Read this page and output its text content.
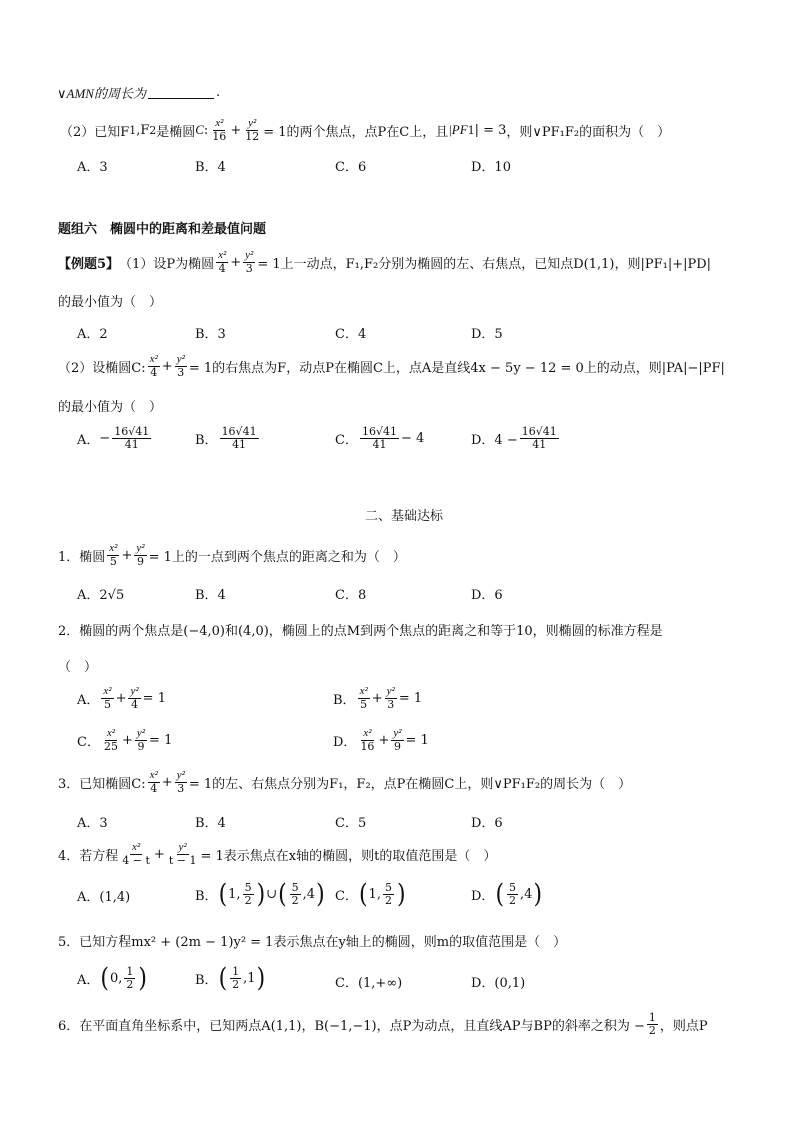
∨AMN的周长为	.
（2）已知F 1 ,F 2 是椭圆 C : $\frac{\text{x²}}{16} + \frac{\text{y²}}{12} = 1$的两个焦点，点P在C上，且 |PF 1 | = 3 ，则∨PF₁F₂的面积为（　）
A．3	B．4	C．6	D．10
题组六　椭圆中的距离和差最值问题
【例题5】 （1）设P为椭圆 $\frac{\text{x²}}{4} + \frac{\text{y²}}{3} = 1$上一动点，F₁,F₂分别为椭圆的左、右焦点，已知点D(1,1)，则|PF₁|+|PD|
的最小值为（　）
A．2	B．3	C．4	D．5
（2）设椭圆C: $\frac{\text{x²}}{4} + \frac{\text{y²}}{3} = 1$的右焦点为F，动点P在椭圆C上，点A是直线4x − 5y − 12 = 0上的动点，则|PA|−|PF|
的最小值为（　）
A． − $\frac{16√41}{41}$	B． $\frac{16√41}{41}$	C． $\frac{16√41}{41} - 4$	D．$4 - \frac{16√41}{41}$
二、基础达标
1．椭圆 $\frac{\text{x²}}{5} + \frac{\text{y²}}{9} = 1$上的一点到两个焦点的距离之和为（　）
A．2√5	B．4	C．8	D．6
2．椭圆的两个焦点是(−4,0)和(4,0)，椭圆上的点M到两个焦点的距离之和等于10，则椭圆的标准方程是
（　）
A． $\frac{\text{x²}}{5} + \frac{\text{y²}}{4} = 1$	B． $\frac{\text{x²}}{5} + \frac{\text{y²}}{3} = 1$
C． $\frac{\text{x²}}{25} + \frac{\text{y²}}{9} = 1$	D． $\frac{\text{x²}}{16} + \frac{\text{y²}}{9} = 1$
3．已知椭圆C: $\frac{\text{x²}}{4} + \frac{\text{y²}}{3} = 1$的左、右焦点分别为F₁，F₂，点P在椭圆C上，则∨PF₁F₂的周长为（　）
A．3	B．4	C．5	D．6
4．若方程 $\frac{\text{x²}}{4 - t} + \frac{\text{y²}}{t - 1} = 1$表示焦点在x轴的椭圆，则t的取值范围是（　）
A．(1,4)	B． ( 1, $\frac{5}{2}$ ) ∪ ( $\frac{5}{2} ,4$ ) C． ( 1, $\frac{5}{2}$ )	D． ( $\frac{5}{2} ,4$ )
5．已知方程mx² + (2m − 1)y² = 1表示焦点在y轴上的椭圆，则m的取值范围是（　）
A． ( 0, $\frac{1}{2}$ )	B． ( $\frac{1}{2} ,1$ )	C．(1,+∞)	D．(0,1)
6．在平面直角坐标系中，已知两点A(1,1)，B(−1,−1)，点P为动点，且直线AP与BP的斜率之积为 − $\frac{1}{2}$ ，则点P
